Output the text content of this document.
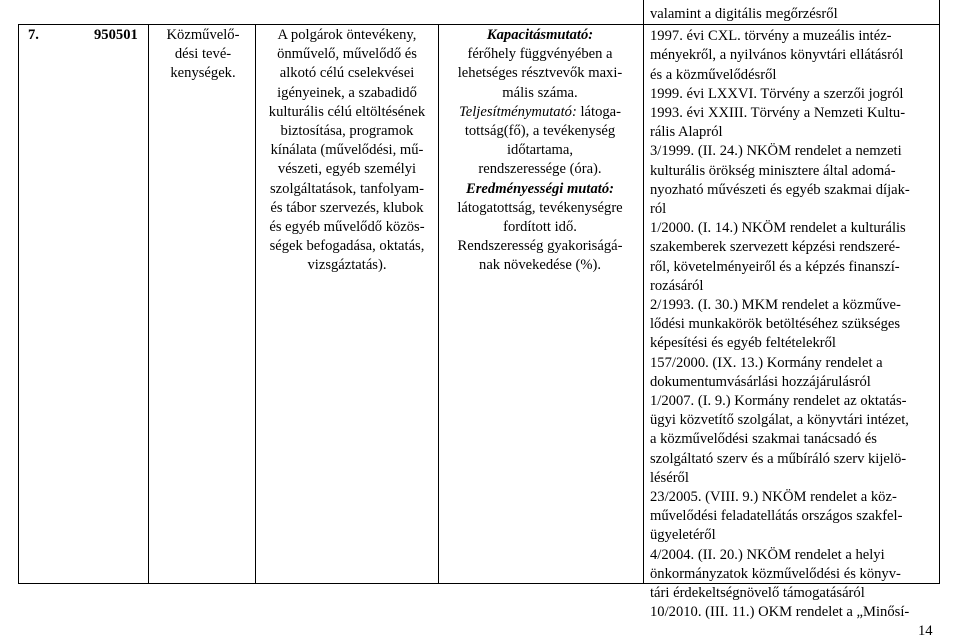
7.	950501	Közművelő-
dési tevé-
kenységek.
A polgárok öntevékeny,
önművelő, művelődő és
alkotó célú cselekvései
igényeinek, a szabadidő
kulturális célú eltöltésének
biztosítása, programok
kínálata (művelődési, mű-
vészeti, egyéb személyi
szolgáltatások, tanfolyam-
és tábor szervezés, klubok
és egyéb művelődő közös-
ségek befogadása, oktatás,
vizsgáztatás).
Kapacitásmutató:
férőhely függvényében a
lehetséges résztvevők maxi-
mális száma.
Teljesítménymutató: látoga-
tottság(fő), a tevékenység
időtartama,
rendszeressége (óra).
Eredményességi mutató:
látogatottság, tevékenységre
fordított idő.
Rendszeresség gyakoriságá-
nak növekedése (%).
valamint a digitális megőrzésről
1997. évi CXL. törvény a muzeális intéz-
ményekről, a nyilvános könyvtári ellátásról
és a közművelődésről
1999. évi LXXVI. Törvény a szerzői jogról
1993. évi XXIII. Törvény a Nemzeti Kultu-
rális Alapról
3/1999. (II. 24.) NKÖM rendelet a nemzeti
kulturális örökség minisztere által adomá-
nyozható művészeti és egyéb szakmai díjak-
ról
1/2000. (I. 14.) NKÖM rendelet a kulturális
szakemberek szervezett képzési rendszeré-
ről, követelményeiről és a képzés finanszí-
rozásáról
2/1993. (I. 30.) MKM rendelet a közműve-
lődési munkakörök betöltéséhez szükséges
képesítési és egyéb feltételekről
157/2000. (IX. 13.) Kormány rendelet a
dokumentumvásárlási hozzájárulásról
1/2007. (I. 9.) Kormány rendelet az oktatás-
ügyi közvetítő szolgálat, a könyvtári intézet,
a közművelődési szakmai tanácsadó és
szolgáltató szerv és a műbíráló szerv kijelö-
léséről
23/2005. (VIII. 9.) NKÖM rendelet a köz-
művelődési feladatellátás országos szakfel-
ügyeletéről
4/2004. (II. 20.) NKÖM rendelet a helyi
önkormányzatok közművelődési és könyv-
tári érdekeltségnövelő támogatásáról
10/2010. (III. 11.) OKM rendelet a „Minősí-
14
